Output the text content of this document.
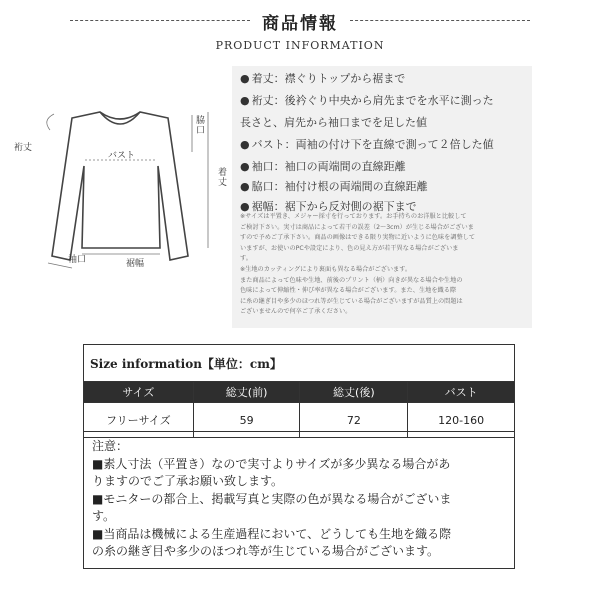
商品情報
PRODUCT INFORMATION
裄丈
バスト
脇口
着丈
袖口	裾幅
● 着丈：襟ぐりトップから裾まで
● 裄丈：後衿ぐり中央から肩先までを水平に測った
長さと、肩先から袖口までを足した値
● バスト：両袖の付け下を直線で測って２倍した値
● 袖口：袖口の両端間の直線距離
● 脇口：袖付け根の両端間の直線距離
● 裾幅：裾下から反対側の裾下まで
※サイズは平置き、メジャー採寸を行っております。お手持ちのお洋服と比較して
ご検討下さい。実寸は商品によって若干の誤差（2〜3cm）が生じる場合がございま
すので予めご了承下さい。商品の画像はできる限り実物に近いように色味を調整して
いますが、お使いのPCや設定により、色の見え方が若干異なる場合がございま
す。
※生地のカッティングにより裏面も異なる場合がございます。
また商品によって色味や生地、前後のプリント（柄）向きが異なる場合や生地の
色味によって伸縮性・伸び率が異なる場合がございます。また、生地を織る際
に糸の継ぎ目や多少のほつれ等が生じている場合がございますが品質上の問題は
ございませんので何卒ご了承ください。
Size information【単位：cm】			
サイズ	総丈(前)	総丈(後)	バスト
フリーサイズ	59	72	120-160
注意：
■素人寸法（平置き）なので実寸よりサイズが多少異なる場合があ
りますのでご了承お願い致します。
■モニターの都合上、掲載写真と実際の色が異なる場合がございま
す。
■当商品は機械による生産過程において、どうしても生地を織る際
の糸の継ぎ目や多少のほつれ等が生じている場合がございます。
